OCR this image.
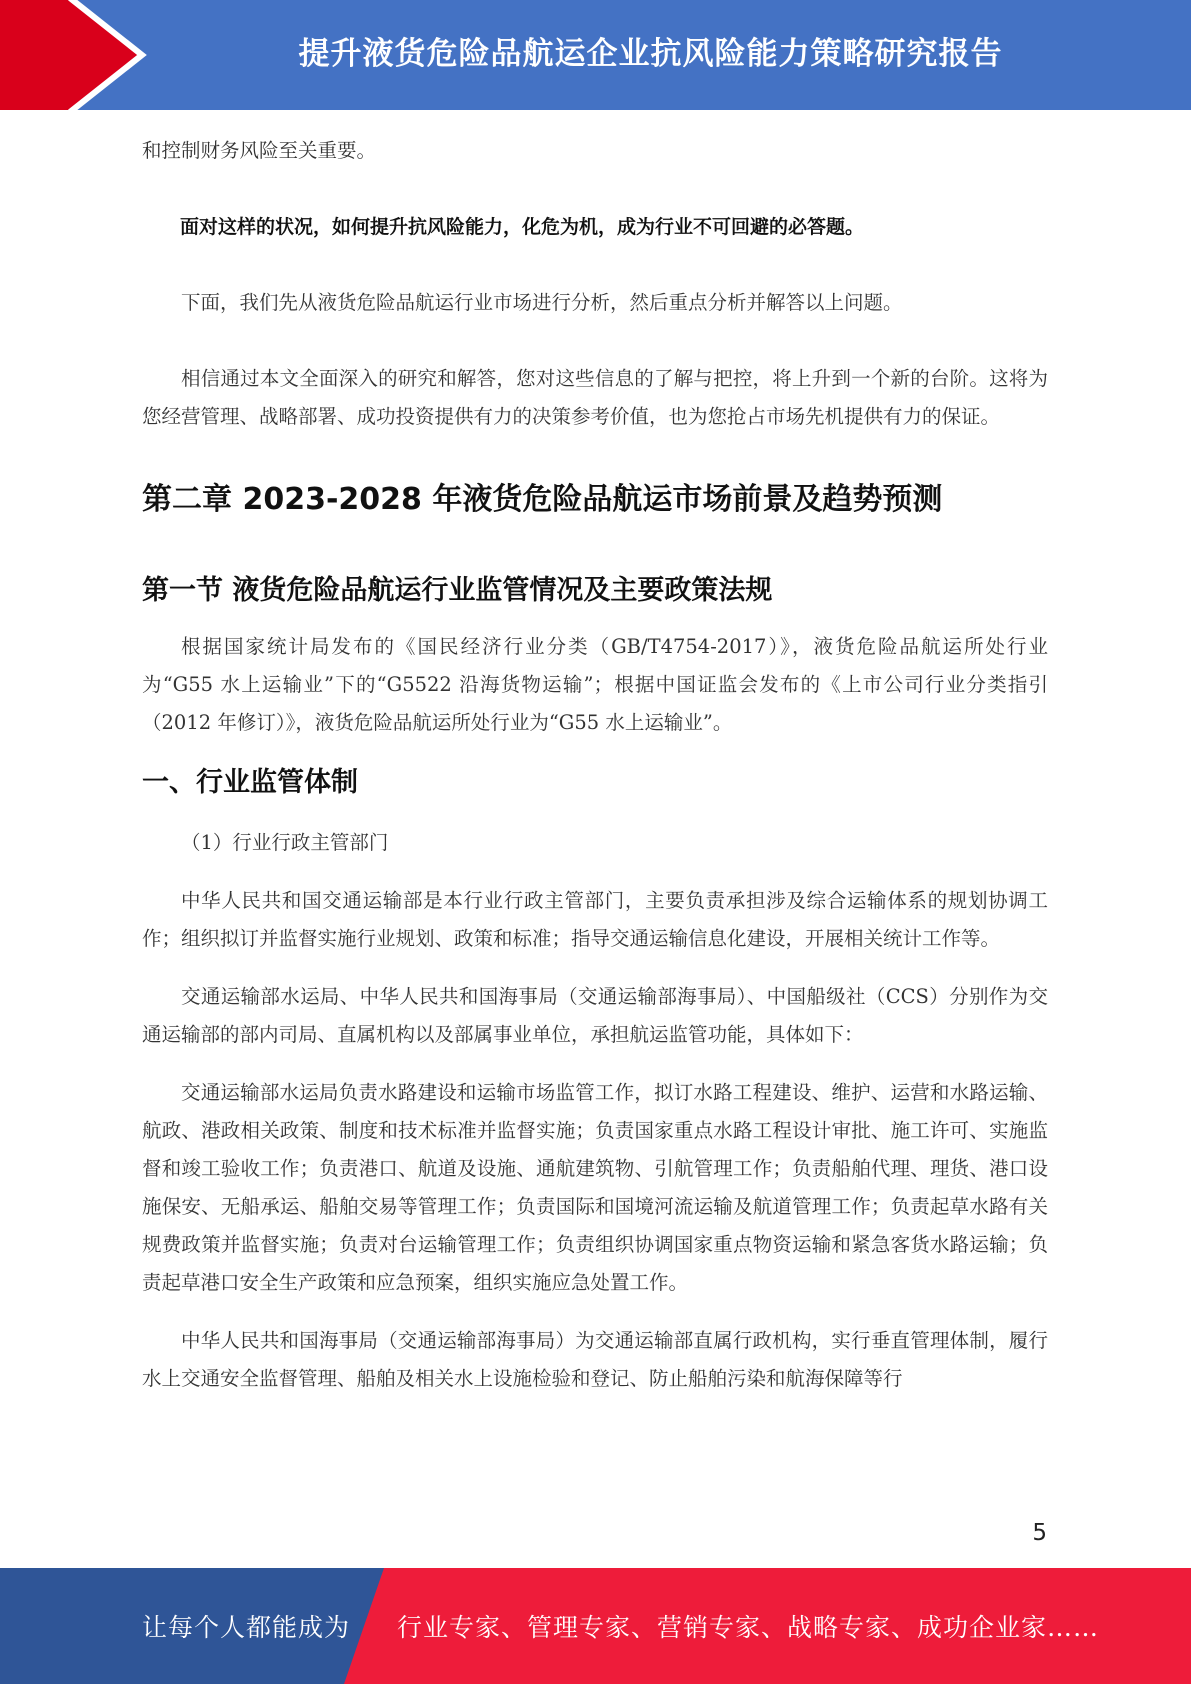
提升液货危险品航运企业抗风险能力策略研究报告

和控制财务风险至关重要。

面对这样的状况，如何提升抗风险能力，化危为机，成为行业不可回避的必答题。

下面，我们先从液货危险品航运行业市场进行分析，然后重点分析并解答以上问题。

相信通过本文全面深入的研究和解答，您对这些信息的了解与把控，将上升到一个新的台阶。这将为您经营管理、战略部署、成功投资提供有力的决策参考价值，也为您抢占市场先机提供有力的保证。

第二章 2023-2028 年液货危险品航运市场前景及趋势预测
第一节 液货危险品航运行业监管情况及主要政策法规

根据国家统计局发布的《国民经济行业分类（GB/T4754-2017）》，液货危险品航运所处行业为“G55 水上运输业”下的“G5522 沿海货物运输”；根据中国证监会发布的《上市公司行业分类指引（2012 年修订）》，液货危险品航运所处行业为“G55 水上运输业”。

一、行业监管体制

（1）行业行政主管部门

中华人民共和国交通运输部是本行业行政主管部门，主要负责承担涉及综合运输体系的规划协调工作；组织拟订并监督实施行业规划、政策和标准；指导交通运输信息化建设，开展相关统计工作等。

交通运输部水运局、中华人民共和国海事局（交通运输部海事局）、中国船级社（CCS）分别作为交通运输部的部内司局、直属机构以及部属事业单位，承担航运监管功能，具体如下：

交通运输部水运局负责水路建设和运输市场监管工作，拟订水路工程建设、维护、运营和水路运输、航政、港政相关政策、制度和技术标准并监督实施；负责国家重点水路工程设计审批、施工许可、实施监督和竣工验收工作；负责港口、航道及设施、通航建筑物、引航管理工作；负责船舶代理、理货、港口设施保安、无船承运、船舶交易等管理工作；负责国际和国境河流运输及航道管理工作；负责起草水路有关规费政策并监督实施；负责对台运输管理工作；负责组织协调国家重点物资运输和紧急客货水路运输；负责起草港口安全生产政策和应急预案，组织实施应急处置工作。

中华人民共和国海事局（交通运输部海事局）为交通运输部直属行政机构，实行垂直管理体制，履行水上交通安全监督管理、船舶及相关水上设施检验和登记、防止船舶污染和航海保障等行

5
让每个人都能成为 行业专家、管理专家、营销专家、战略专家、成功企业家……
